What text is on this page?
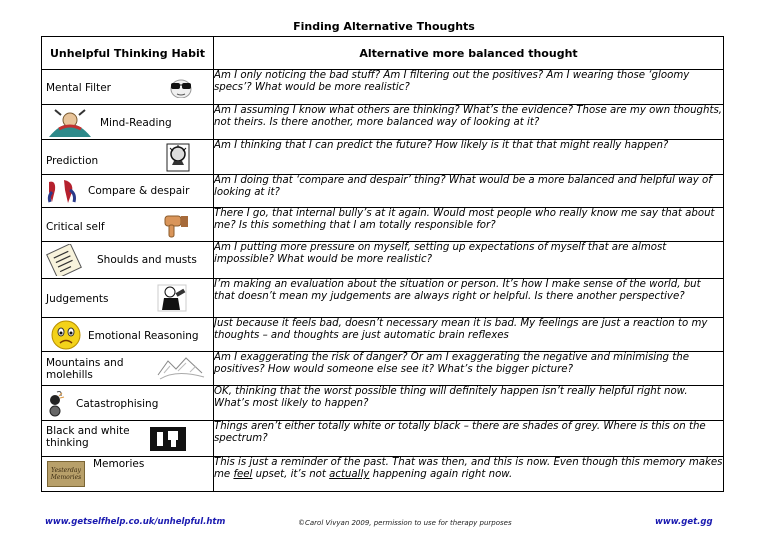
Finding Alternative Thoughts
Unhelpful Thinking Habit	Alternative more balanced thought

Mental Filter	Am I only noticing the bad stuff? Am I filtering out the positives? Am I wearing those ‘gloomy specs’? What would be more realistic?

Mind-Reading	Am I assuming I know what others are thinking? What’s the evidence? Those are my own thoughts, not theirs. Is there another, more balanced way of looking at it?

Prediction	Am I thinking that I can predict the future? How likely is it that that might really happen?

Compare & despair	Am I doing that ‘compare and despair’ thing? What would be a more balanced and helpful way of looking at it?

Critical self	There I go, that internal bully’s at it again. Would most people who really know me say that about me? Is this something that I am totally responsible for?

Shoulds and musts	Am I putting more pressure on myself, setting up expectations of myself that are almost impossible? What would be more realistic?

Judgements	I’m making an evaluation about the situation or person. It’s how I make sense of the world, but that doesn’t mean my judgements are always right or helpful. Is there another perspective?

Emotional Reasoning	Just because it feels bad, doesn’t necessary mean it is bad. My feelings are just a reaction to my thoughts – and thoughts are just automatic brain reflexes

Mountains and molehills	Am I exaggerating the risk of danger? Or am I exaggerating the negative and minimising the positives? How would someone else see it? What’s the bigger picture?

Catastrophising	OK, thinking that the worst possible thing will definitely happen isn’t really helpful right now. What’s most likely to happen?

Black and white thinking	Things aren’t either totally white or totally black – there are shades of grey. Where is this on the spectrum?

Yesterday Memories
Memories	This is just a reminder of the past. That was then, and this is now. Even though this memory makes me feel upset, it’s not actually happening again right now.
www.getselfhelp.co.uk/unhelpful.htm	©Carol Vivyan 2009, permission to use for therapy purposes	www.get.gg
